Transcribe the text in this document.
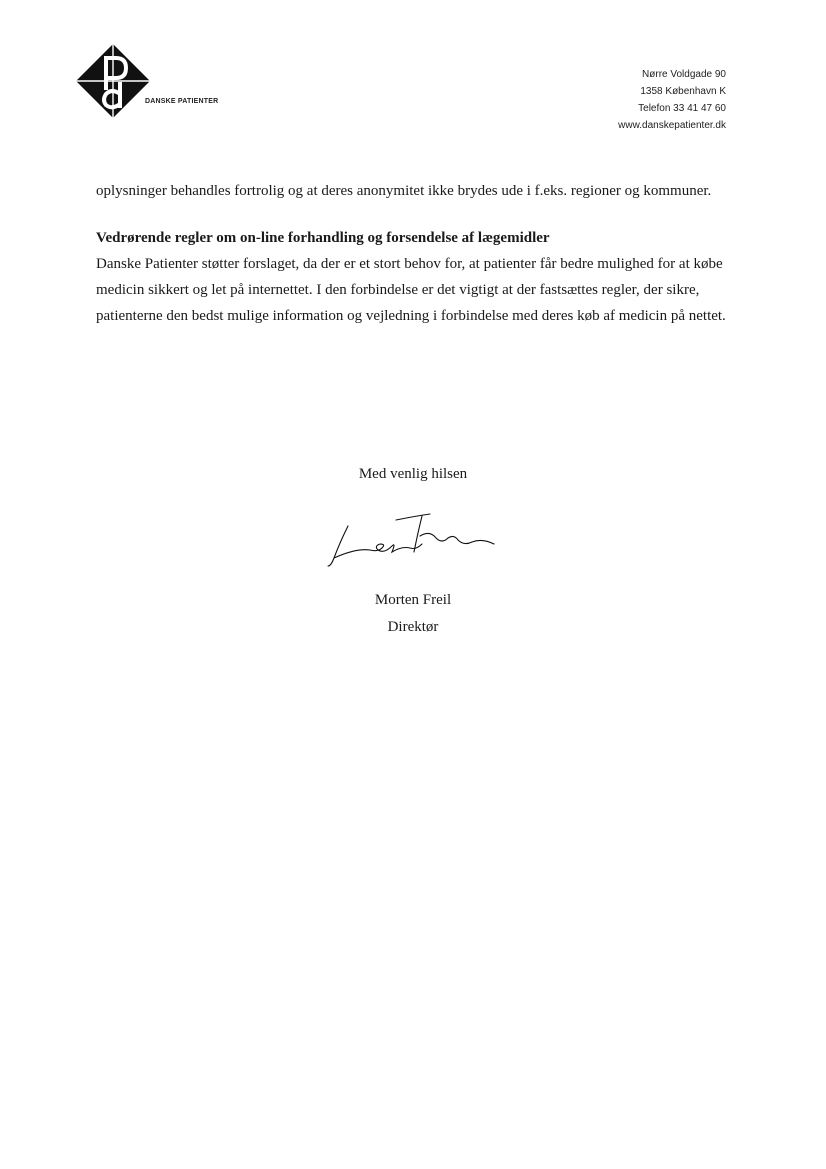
DANSKE PATIENTER
Nørre Voldgade 90
1358 København K
Telefon 33 41 47 60
www.danskepatienter.dk

oplysninger behandles fortrolig og at deres anonymitet ikke brydes ude i f.eks. regioner og kommuner.

Vedrørende regler om on-line forhandling og forsendelse af lægemidler

Danske Patienter støtter forslaget, da der er et stort behov for, at patienter får bedre mulighed for at købe medicin sikkert og let på internettet. I den forbindelse er det vigtigt at der fastsættes regler, der sikre, patienterne den bedst mulige information og vejledning i forbindelse med deres køb af medicin på nettet.

Med venlig hilsen
Morten Freil
Direktør
